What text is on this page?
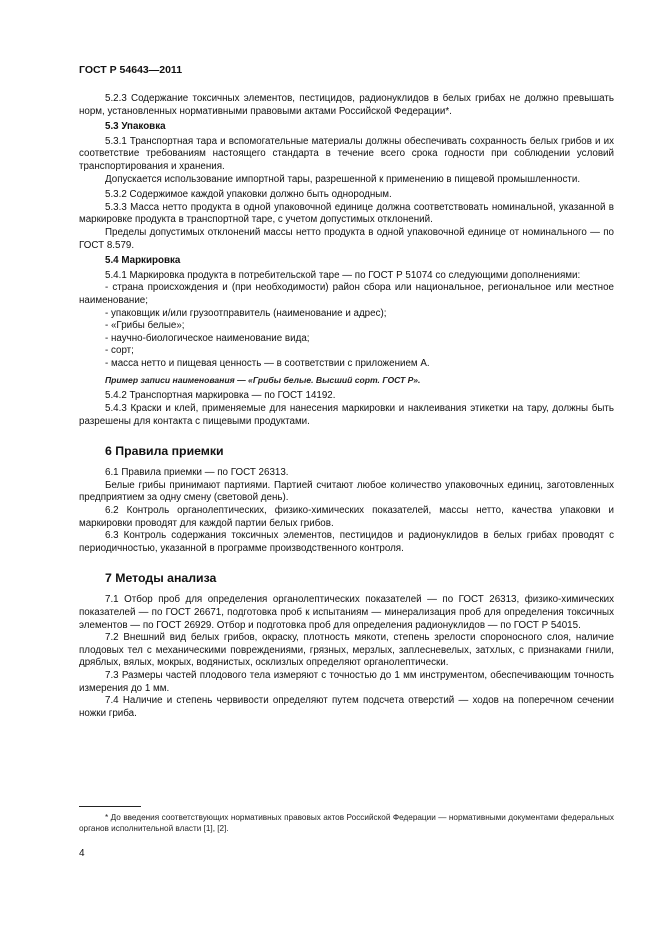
ГОСТ Р 54643—2011

5.2.3 Содержание токсичных элементов, пестицидов, радионуклидов в белых грибах не должно превышать норм, установленных нормативными правовыми актами Российской Федерации*.

5.3 Упаковка

5.3.1 Транспортная тара и вспомогательные материалы должны обеспечивать сохранность белых грибов и их соответствие требованиям настоящего стандарта в течение всего срока годности при соблюдении условий транспортирования и хранения.

Допускается использование импортной тары, разрешенной к применению в пищевой промышленности.

5.3.2 Содержимое каждой упаковки должно быть однородным.

5.3.3 Масса нетто продукта в одной упаковочной единице должна соответствовать номинальной, указанной в маркировке продукта в транспортной таре, с учетом допустимых отклонений.

Пределы допустимых отклонений массы нетто продукта в одной упаковочной единице от номинального — по ГОСТ 8.579.

5.4 Маркировка

5.4.1 Маркировка продукта в потребительской таре — по ГОСТ Р 51074 со следующими дополнениями:

- страна происхождения и (при необходимости) район сбора или национальное, региональное или местное наименование;

- упаковщик и/или грузоотправитель (наименование и адрес);
- «Грибы белые»;
- научно-биологическое наименование вида;
- сорт;
- масса нетто и пищевая ценность — в соответствии с приложением А.
Пример записи наименования — «Грибы белые. Высший сорт. ГОСТ Р».

5.4.2 Транспортная маркировка — по ГОСТ 14192.

5.4.3 Краски и клей, применяемые для нанесения маркировки и наклеивания этикетки на тару, должны быть разрешены для контакта с пищевыми продуктами.

6 Правила приемки

6.1 Правила приемки — по ГОСТ 26313.

Белые грибы принимают партиями. Партией считают любое количество упаковочных единиц, заготовленных предприятием за одну смену (световой день).

6.2 Контроль органолептических, физико-химических показателей, массы нетто, качества упаковки и маркировки проводят для каждой партии белых грибов.

6.3 Контроль содержания токсичных элементов, пестицидов и радионуклидов в белых грибах проводят с периодичностью, указанной в программе производственного контроля.

7 Методы анализа

7.1 Отбор проб для определения органолептических показателей — по ГОСТ 26313, физико-химических показателей — по ГОСТ 26671, подготовка проб к испытаниям — минерализация проб для определения токсичных элементов — по ГОСТ 26929. Отбор и подготовка проб для определения радионуклидов — по ГОСТ Р 54015.

7.2 Внешний вид белых грибов, окраску, плотность мякоти, степень зрелости спороносного слоя, наличие плодовых тел с механическими повреждениями, грязных, мерзлых, заплесневелых, затхлых, с признаками гнили, дряблых, вялых, мокрых, водянистых, осклизлых определяют органолептически.

7.3 Размеры частей плодового тела измеряют с точностью до 1 мм инструментом, обеспечивающим точность измерения до 1 мм.

7.4 Наличие и степень червивости определяют путем подсчета отверстий — ходов на поперечном сечении ножки гриба.

* До введения соответствующих нормативных правовых актов Российской Федерации — нормативными документами федеральных органов исполнительной власти [1], [2].
4
